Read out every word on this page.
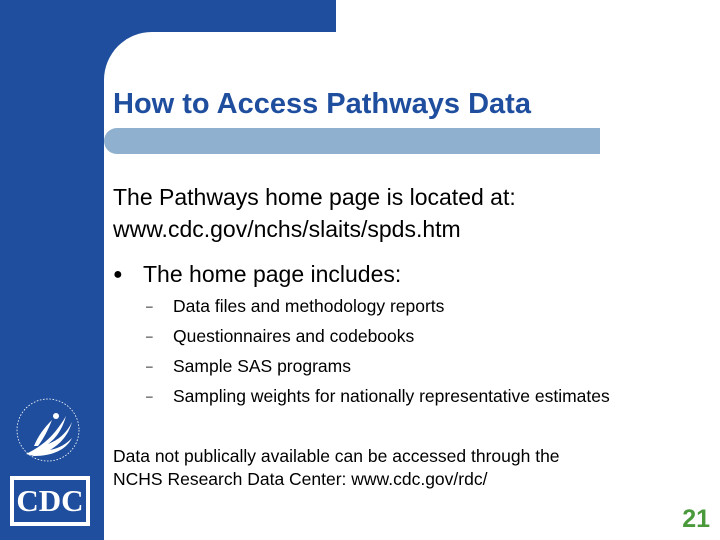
How to Access Pathways Data

The Pathways home page is located at:
www.cdc.gov/nchs/slaits/spds.htm

● The home page includes:
– Data files and methodology reports
– Questionnaires and codebooks
– Sample SAS programs
– Sampling weights for nationally representative estimates

Data not publically available can be accessed through the
NCHS Research Data Center: www.cdc.gov/rdc/

21
CDC
